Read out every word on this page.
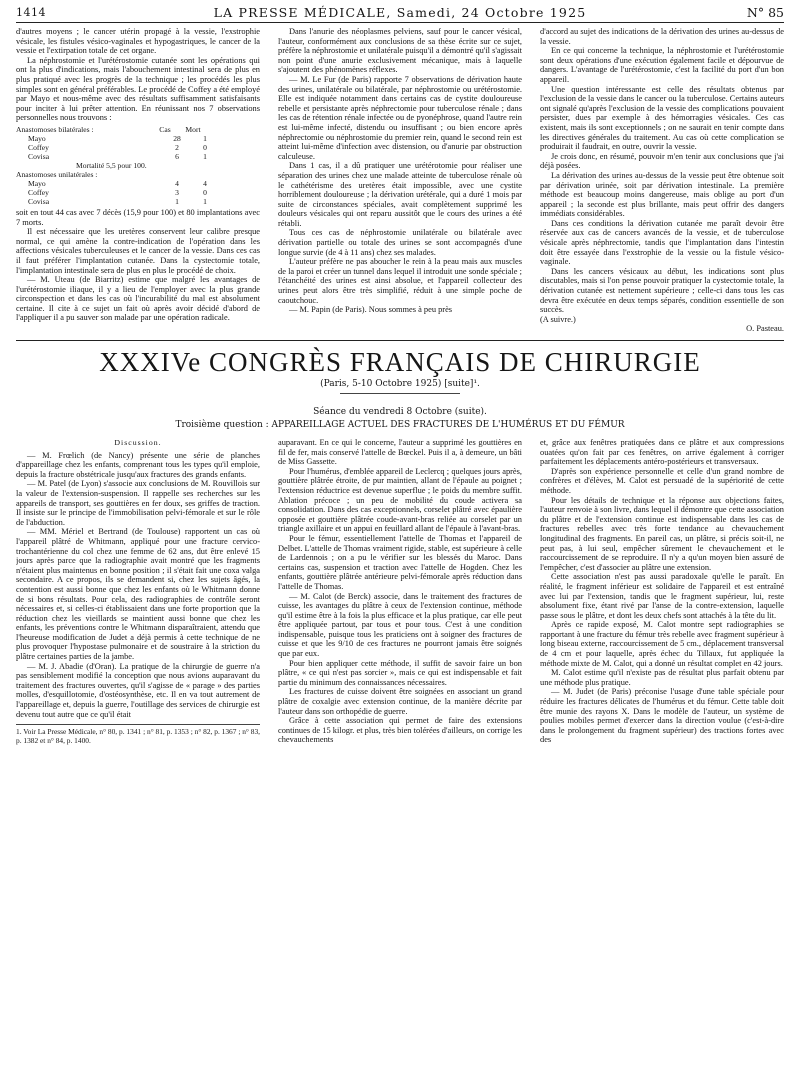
1414	LA PRESSE MÉDICALE, Samedi, 24 Octobre 1925	N° 85

d'autres moyens ; le cancer utérin propagé à la vessie, l'exstrophie vésicale, les fistules vésico-vaginales et hypogastriques, le cancer de la vessie et l'extirpation totale de cet organe.

La néphrostomie et l'urétérostomie cutanée sont les opérations qui ont la plus d'indications, mais l'abouchement intestinal sera de plus en plus pratiqué avec les progrès de la technique ; les procédés les plus simples sont en général préférables. Le procédé de Coffey a été employé par Mayo et nous-même avec des résultats suffisamment satisfaisants pour inciter à lui prêter attention. En réunissant nos 7 observations personnelles nous trouvons :

Anastomoses bilatérales :	Cas	Mort
Mayo	28	1
Coffey	2	0
Covisa	6	1
Mortalité 5,5 pour 100.
Anastomoses unilatérales :
Mayo	4	4
Coffey	3	0
Covisa	1	1

soit en tout 44 cas avec 7 décès (15,9 pour 100) et 80 implantations avec 7 morts.

Il est nécessaire que les uretères conservent leur calibre presque normal, ce qui amène la contre-indication de l'opération dans les affections vésicales tuberculeuses et le cancer de la vessie. Dans ces cas il faut préférer l'implantation cutanée. Dans la cystectomie totale, l'implantation intestinale sera de plus en plus le procédé de choix.

— M. Uteau (de Biarritz) estime que malgré les avantages de l'urétérostomie iliaque, il y a lieu de l'employer avec la plus grande circonspection et dans les cas où l'incurabilité du mal est absolument certaine. Il cite à ce sujet un fait où après avoir décidé d'abord de l'appliquer il a pu sauver son malade par une opération radicale.

Dans l'anurie des néoplasmes pelviens, sauf pour le cancer vésical, l'auteur, conformément aux conclusions de sa thèse écrite sur ce sujet, préfère la néphrostomie et unilatérale puisqu'il a démontré qu'il s'agissait non point d'une anurie exclusivement mécanique, mais à laquelle s'ajoutent des phénomènes réflexes.

— M. Le Fur (de Paris) rapporte 7 observations de dérivation haute des urines, unilatérale ou bilatérale, par néphrostomie ou urétérostomie. Elle est indiquée notamment dans certains cas de cystite douloureuse rebelle et persistante après néphrectomie pour tuberculose rénale ; dans les cas de rétention rénale infectée ou de pyonéphrose, quand l'autre rein est lui-même infecté, distendu ou insuffisant ; ou bien encore après néphrectomie ou néphrostomie du premier rein, quand le second rein est atteint lui-même d'infection avec distension, ou d'anurie par obstruction calculeuse.

Dans 1 cas, il a dû pratiquer une urétérotomie pour réaliser une séparation des urines chez une malade atteinte de tuberculose rénale où le cathétérisme des uretères était impossible, avec une cystite horriblement douloureuse ; la dérivation urétérale, qui a duré 1 mois par suite de circonstances spéciales, avait complètement supprimé les douleurs vésicales qui ont reparu aussitôt que le cours des urines a été rétabli.

Tous ces cas de néphrostomie unilatérale ou bilatérale avec dérivation partielle ou totale des urines se sont accompagnés d'une longue survie (de 4 à 11 ans) chez ses malades.

L'auteur préfère ne pas aboucher le rein à la peau mais aux muscles de la paroi et créer un tunnel dans lequel il introduit une sonde spéciale ; l'étanchéité des urines est ainsi absolue, et l'appareil collecteur des urines peut alors être très simplifié, réduit à une simple poche de caoutchouc.

— M. Papin (de Paris). Nous sommes à peu près

d'accord au sujet des indications de la dérivation des urines au-dessus de la vessie.

En ce qui concerne la technique, la néphrostomie et l'urétérostomie sont deux opérations d'une exécution également facile et dépourvue de dangers. L'avantage de l'urétérostomie, c'est la facilité du port d'un bon appareil.

Une question intéressante est celle des résultats obtenus par l'exclusion de la vessie dans le cancer ou la tuberculose. Certains auteurs ont signalé qu'après l'exclusion de la vessie des complications pouvaient persister, dues par exemple à des hémorragies vésicales. Ces cas existent, mais ils sont exceptionnels ; on ne saurait en tenir compte dans les directives générales du traitement. Au cas où cette complication se produirait il faudrait, en outre, ouvrir la vessie.

Je crois donc, en résumé, pouvoir m'en tenir aux conclusions que j'ai déjà posées.

La dérivation des urines au-dessus de la vessie peut être obtenue soit par dérivation urinée, soit par dérivation intestinale. La première méthode est beaucoup moins dangereuse, mais oblige au port d'un appareil ; la seconde est plus brillante, mais peut offrir des dangers immédiats considérables.

Dans ces conditions la dérivation cutanée me paraît devoir être réservée aux cas de cancers avancés de la vessie, et de tuberculose vésicale après néphrectomie, tandis que l'implantation dans l'intestin doit être essayée dans l'exstrophie de la vessie ou la fistule vésico-vaginale.

Dans les cancers vésicaux au début, les indications sont plus discutables, mais si l'on pense pouvoir pratiquer la cystectomie totale, la dérivation cutanée est nettement supérieure ; celle-ci dans tous les cas devra être exécutée en deux temps séparés, condition essentielle de son succès.

(A suivre.)

O. Pasteau.

XXXIVe CONGRÈS FRANÇAIS DE CHIRURGIE
(Paris, 5-10 Octobre 1925) [suite]¹.
Séance du vendredi 8 Octobre (suite).
Troisième question : APPAREILLAGE ACTUEL DES FRACTURES DE L'HUMÉRUS ET DU FÉMUR

Discussion.

— M. Frœlich (de Nancy) présente une série de planches d'appareillage chez les enfants, comprenant tous les types qu'il emploie, depuis la fracture obstétricale jusqu'aux fractures des grands enfants.

— M. Patel (de Lyon) s'associe aux conclusions de M. Rouvillois sur la valeur de l'extension-suspension. Il rappelle ses recherches sur les appareils de transport, ses gouttières en fer doux, ses griffes de traction. Il insiste sur le principe de l'immobilisation pelvi-fémorale et sur le rôle de l'abduction.

— MM. Mériel et Bertrand (de Toulouse) rapportent un cas où l'appareil plâtré de Whitmann, appliqué pour une fracture cervico-trochantérienne du col chez une femme de 62 ans, dut être enlevé 15 jours après parce que la radiographie avait montré que les fragments n'étaient plus maintenus en bonne position ; il s'était fait une coxa valga secondaire. A ce propos, ils se demandent si, chez les sujets âgés, la contention est aussi bonne que chez les enfants où le Whitmann donne de si bons résultats. Pour cela, des radiographies de contrôle seront nécessaires et, si celles-ci établissaient dans une forte proportion que la réduction chez les vieillards se maintient aussi bonne que chez les enfants, les préventions contre le Whitmann disparaîtraient, attendu que l'heureuse modification de Judet a déjà permis à cette technique de ne plus provoquer l'hypostase pulmonaire et de soustraire à la striction du plâtre certaines parties de la jambe.

— M. J. Abadie (d'Oran). La pratique de la chirurgie de guerre n'a pas sensiblement modifié la conception que nous avions auparavant du traitement des fractures ouvertes, qu'il s'agisse de « parage » des parties molles, d'esquillotomie, d'ostéosynthèse, etc. Il en va tout autrement de l'appareillage et, depuis la guerre, l'outillage des services de chirurgie est devenu tout autre que ce qu'il était

1. Voir La Presse Médicale, n° 80, p. 1341 ; n° 81, p. 1353 ; n° 82, p. 1367 ; n° 83, p. 1382 et n° 84, p. 1400.

auparavant. En ce qui le concerne, l'auteur a supprimé les gouttières en fil de fer, mais conservé l'attelle de Bœckel. Puis il a, à demeure, un bâti de Miss Gassette.

Pour l'humérus, d'emblée appareil de Leclercq ; quelques jours après, gouttière plâtrée étroite, de pur maintien, allant de l'épaule au poignet ; l'extension réductrice est devenue superflue ; le poids du membre suffit. Ablation précoce ; un peu de mobilité du coude activera sa consolidation. Dans des cas exceptionnels, corselet plâtré avec épaulière opposée et gouttière plâtrée coude-avant-bras reliée au corselet par un triangle axillaire et un appui en feuillard allant de l'épaule à l'avant-bras.

Pour le fémur, essentiellement l'attelle de Thomas et l'appareil de Delbet. L'attelle de Thomas vraiment rigide, stable, est supérieure à celle de Lardennois ; on a pu le vérifier sur les blessés du Maroc. Dans certains cas, suspension et traction avec l'attelle de Hogden. Chez les enfants, gouttière plâtrée antérieure pelvi-fémorale après réduction dans l'attelle de Thomas.

— M. Calot (de Berck) associe, dans le traitement des fractures de cuisse, les avantages du plâtre à ceux de l'extension continue, méthode qu'il estime être à la fois la plus efficace et la plus pratique, car elle peut être appliquée partout, par tous et pour tous. C'est à une condition indispensable, puisque tous les praticiens ont à soigner des fractures de cuisse et que les 9/10 de ces fractures ne pourront jamais être soignés que par eux.

Pour bien appliquer cette méthode, il suffit de savoir faire un bon plâtre, « ce qui n'est pas sorcier », mais ce qui est indispensable et fait partie du minimum des connaissances nécessaires.

Les fractures de cuisse doivent être soignées en associant un grand plâtre de coxalgie avec extension continue, de la manière décrite par l'auteur dans son orthopédie de guerre.

Grâce à cette association qui permet de faire des extensions continues de 15 kilogr. et plus, très bien tolérées d'ailleurs, on corrige les chevauchements

et, grâce aux fenêtres pratiquées dans ce plâtre et aux compressions ouatées qu'on fait par ces fenêtres, on arrive également à corriger parfaitement les déplacements antéro-postérieurs et transversaux.

D'après son expérience personnelle et celle d'un grand nombre de confrères et d'élèves, M. Calot est persuadé de la supériorité de cette méthode.

Pour les détails de technique et la réponse aux objections faites, l'auteur renvoie à son livre, dans lequel il démontre que cette association du plâtre et de l'extension continue est indispensable dans les cas de fractures rebelles avec très forte tendance au chevauchement longitudinal des fragments. En pareil cas, un plâtre, si précis soit-il, ne peut pas, à lui seul, empêcher sûrement le chevauchement et le raccourcissement de se reproduire. Il n'y a qu'un moyen bien assuré de l'empêcher, c'est d'associer au plâtre une extension.

Cette association n'est pas aussi paradoxale qu'elle le paraît. En réalité, le fragment inférieur est solidaire de l'appareil et est entraîné avec lui par l'extension, tandis que le fragment supérieur, lui, reste absolument fixe, étant rivé par l'anse de la contre-extension, laquelle passe sous le plâtre, et dont les deux chefs sont attachés à la tête du lit.

Après ce rapide exposé, M. Calot montre sept radiographies se rapportant à une fracture du fémur très rebelle avec fragment supérieur à long biseau externe, raccourcissement de 5 cm., déplacement transversal de 4 cm et pour laquelle, après échec du Tillaux, fut appliquée la méthode mixte de M. Calot, qui a donné un résultat complet en 42 jours.

M. Calot estime qu'il n'existe pas de résultat plus parfait obtenu par une méthode plus pratique.

— M. Judet (de Paris) préconise l'usage d'une table spéciale pour réduire les fractures délicates de l'humérus et du fémur. Cette table doit être munie des rayons X. Dans le modèle de l'auteur, un système de poulies mobiles permet d'exercer dans la direction voulue (c'est-à-dire dans le prolongement du fragment supérieur) des tractions fortes avec des
